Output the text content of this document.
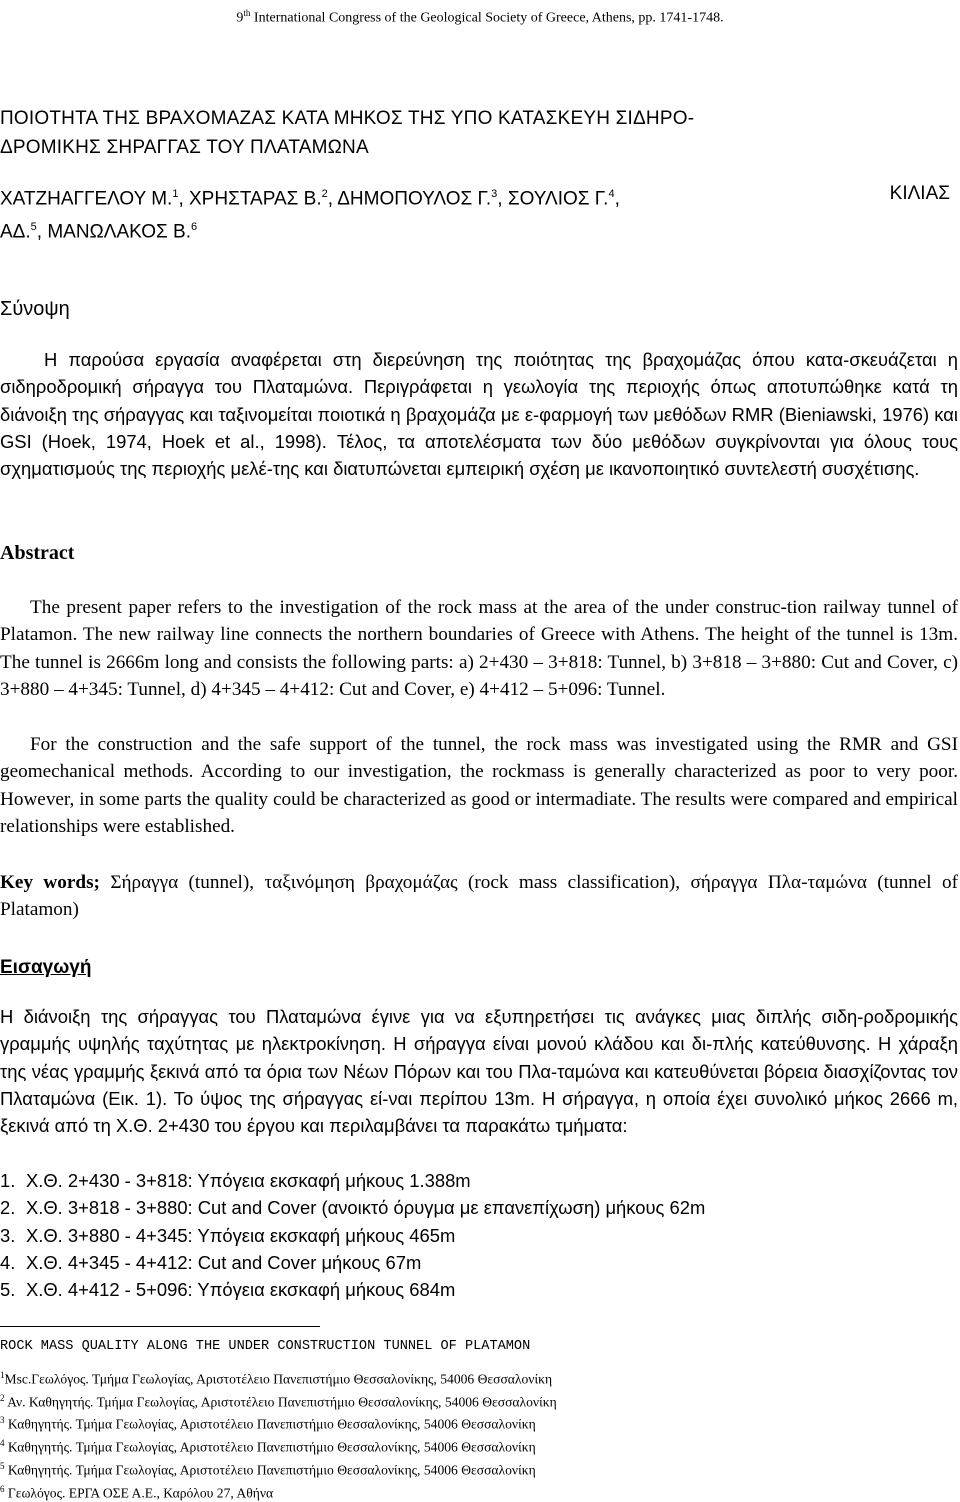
9th International Congress of the Geological Society of Greece, Athens, pp. 1741-1748.
ΠΟΙΟΤΗΤΑ ΤΗΣ ΒΡΑΧΟΜΑΖΑΣ ΚΑΤΑ ΜΗΚΟΣ ΤΗΣ ΥΠΟ ΚΑΤΑΣΚΕΥΗ ΣΙΔΗΡΟ-
ΔΡΟΜΙΚΗΣ ΣΗΡΑΓΓΑΣ ΤΟΥ ΠΛΑΤΑΜΩΝΑ
ΧΑΤΖΗΑΓΓΕΛΟΥ Μ.$^1$, ΧΡΗΣΤΑΡΑΣ Β.$^2$, ΔΗΜΟΠΟΥΛΟΣ Γ.$^3$, ΣΟΥΛΙΟΣ Γ.$^4$,	ΚΙΛΙΑΣ
ΑΔ.$^5$, ΜΑΝΩΛΑΚΟΣ Β.$^6$
Σύνοψη

Η παρούσα εργασία αναφέρεται στη διερεύνηση της ποιότητας της βραχομάζας όπου κατα-σκευάζεται η σιδηροδρομική σήραγγα του Πλαταμώνα. Περιγράφεται η γεωλογία της περιοχής όπως αποτυπώθηκε κατά τη διάνοιξη της σήραγγας και ταξινομείται ποιοτικά η βραχομάζα με ε-φαρμογή των μεθόδων RMR (Bieniawski, 1976) και GSI (Hoek, 1974, Hoek et al., 1998). Τέλος, τα αποτελέσματα των δύο μεθόδων συγκρίνονται για όλους τους σχηματισμούς της περιοχής μελέ-της και διατυπώνεται εμπειρική σχέση με ικανοποιητικό συντελεστή συσχέτισης.

Abstract

The present paper refers to the investigation of the rock mass at the area of the under construc-tion railway tunnel of Platamon. The new railway line connects the northern boundaries of Greece with Athens. The height of the tunnel is 13m. The tunnel is 2666m long and consists the following parts: a) 2+430 – 3+818: Tunnel, b) 3+818 – 3+880: Cut and Cover, c) 3+880 – 4+345: Tunnel, d) 4+345 – 4+412: Cut and Cover, e) 4+412 – 5+096: Tunnel.

For the construction and the safe support of the tunnel, the rock mass was investigated using the RMR and GSI geomechanical methods. According to our investigation, the rockmass is generally characterized as poor to very poor. However, in some parts the quality could be characterized as good or intermadiate. The results were compared and empirical relationships were established.

Key words; Σήραγγα (tunnel), ταξινόμηση βραχομάζας (rock mass classification), σήραγγα Πλα-ταμώνα (tunnel of Platamon)

Εισαγωγή

Η διάνοιξη της σήραγγας του Πλαταμώνα έγινε για να εξυπηρετήσει τις ανάγκες μιας διπλής σιδη-ροδρομικής γραμμής υψηλής ταχύτητας με ηλεκτροκίνηση. Η σήραγγα είναι μονού κλάδου και δι-πλής κατεύθυνσης. Η χάραξη της νέας γραμμής ξεκινά από τα όρια των Νέων Πόρων και του Πλα-ταμώνα και κατευθύνεται βόρεια διασχίζοντας τον Πλαταμώνα (Εικ. 1). Το ύψος της σήραγγας εί-ναι περίπου 13m. Η σήραγγα, η οποία έχει συνολικό μήκος 2666 m, ξεκινά από τη Χ.Θ. 2+430 του έργου και περιλαμβάνει τα παρακάτω τμήματα:

1. Χ.Θ. 2+430 - 3+818: Υπόγεια εκσκαφή μήκους 1.388m
2. Χ.Θ. 3+818 - 3+880: Cut and Cover (ανοικτό όρυγμα με επανεπίχωση) μήκους 62m
3. Χ.Θ. 3+880 - 4+345: Υπόγεια εκσκαφή μήκους 465m
4. Χ.Θ. 4+345 - 4+412: Cut and Cover μήκους 67m
5. Χ.Θ. 4+412 - 5+096: Υπόγεια εκσκαφή μήκους 684m
ROCK MASS QUALITY ALONG THE UNDER CONSTRUCTION TUNNEL OF PLATAMON
$^1$Msc.Γεωλόγος. Τμήμα Γεωλογίας, Αριστοτέλειο Πανεπιστήμιο Θεσσαλονίκης, 54006 Θεσσαλονίκη
$^2$ Αν. Καθηγητής. Τμήμα Γεωλογίας, Αριστοτέλειο Πανεπιστήμιο Θεσσαλονίκης, 54006 Θεσσαλονίκη
$^3$ Καθηγητής. Τμήμα Γεωλογίας, Αριστοτέλειο Πανεπιστήμιο Θεσσαλονίκης, 54006 Θεσσαλονίκη
$^4$ Καθηγητής. Τμήμα Γεωλογίας, Αριστοτέλειο Πανεπιστήμιο Θεσσαλονίκης, 54006 Θεσσαλονίκη
$^5$ Καθηγητής. Τμήμα Γεωλογίας, Αριστοτέλειο Πανεπιστήμιο Θεσσαλονίκης, 54006 Θεσσαλονίκη
$^6$ Γεωλόγος. ΕΡΓΑ ΟΣΕ Α.Ε., Καρόλου 27, Αθήνα
